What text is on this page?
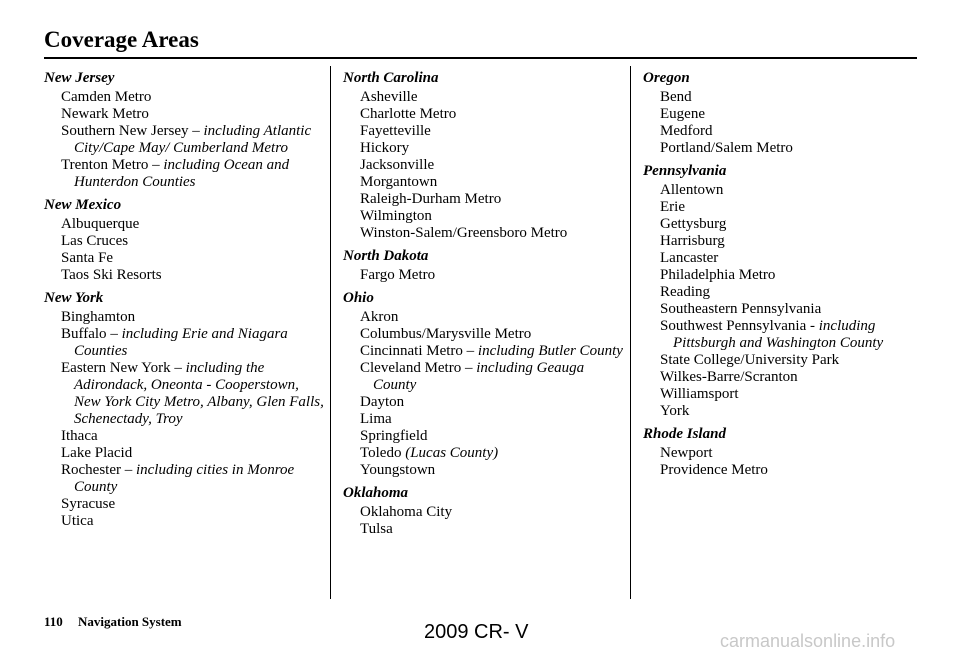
Coverage Areas
New Jersey
Camden Metro
Newark Metro
Southern New Jersey – including Atlantic City/Cape May/ Cumberland Metro
Trenton Metro – including Ocean and Hunterdon Counties
New Mexico
Albuquerque
Las Cruces
Santa Fe
Taos Ski Resorts
New York
Binghamton
Buffalo – including Erie and Niagara Counties
Eastern New York – including the Adirondack, Oneonta - Cooperstown, New York City Metro, Albany, Glen Falls, Schenectady, Troy
Ithaca
Lake Placid
Rochester – including cities in Monroe County
Syracuse
Utica
North Carolina
Asheville
Charlotte Metro
Fayetteville
Hickory
Jacksonville
Morgantown
Raleigh-Durham Metro
Wilmington
Winston-Salem/Greensboro Metro
North Dakota
Fargo Metro
Ohio
Akron
Columbus/Marysville Metro
Cincinnati Metro – including Butler County
Cleveland Metro – including Geauga County
Dayton
Lima
Springfield
Toledo (Lucas County)
Youngstown
Oklahoma
Oklahoma City
Tulsa
Oregon
Bend
Eugene
Medford
Portland/Salem Metro
Pennsylvania
Allentown
Erie
Gettysburg
Harrisburg
Lancaster
Philadelphia Metro
Reading
Southeastern Pennsylvania
Southwest Pennsylvania - including Pittsburgh and Washington County
State College/University Park
Wilkes-Barre/Scranton
Williamsport
York
Rhode Island
Newport
Providence Metro
110 Navigation System	2009 CR- V	carmanualsonline.info
